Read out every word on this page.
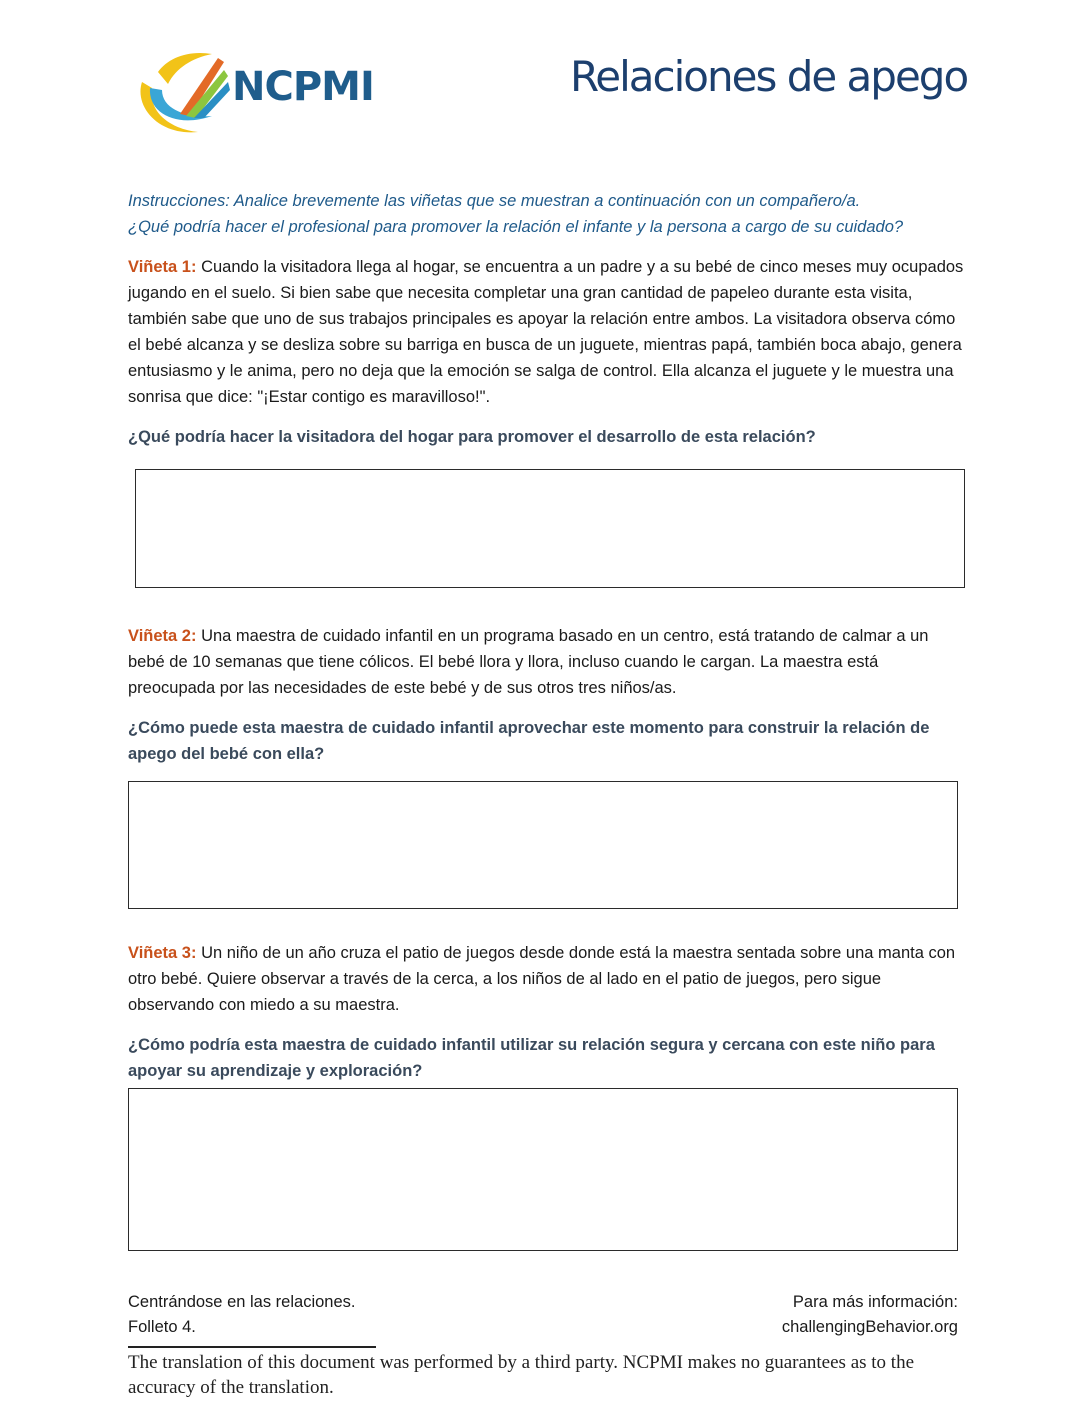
NCPMI	Relaciones de apego
Instrucciones: Analice brevemente las viñetas que se muestran a continuación con un compañero/a.
¿Qué podría hacer el profesional para promover la relación el infante y la persona a cargo de su cuidado?
Viñeta 1: Cuando la visitadora llega al hogar, se encuentra a un padre y a su bebé de cinco meses muy ocupados jugando en el suelo. Si bien sabe que necesita completar una gran cantidad de papeleo durante esta visita, también sabe que uno de sus trabajos principales es apoyar la relación entre ambos. La visitadora observa cómo el bebé alcanza y se desliza sobre su barriga en busca de un juguete, mientras papá, también boca abajo, genera entusiasmo y le anima, pero no deja que la emoción se salga de control. Ella alcanza el juguete y le muestra una sonrisa que dice: "¡Estar contigo es maravilloso!".
¿Qué podría hacer la visitadora del hogar para promover el desarrollo de esta relación?
Viñeta 2: Una maestra de cuidado infantil en un programa basado en un centro, está tratando de calmar a un bebé de 10 semanas que tiene cólicos. El bebé llora y llora, incluso cuando le cargan. La maestra está preocupada por las necesidades de este bebé y de sus otros tres niños/as.
¿Cómo puede esta maestra de cuidado infantil aprovechar este momento para construir la relación de apego del bebé con ella?
Viñeta 3: Un niño de un año cruza el patio de juegos desde donde está la maestra sentada sobre una manta con otro bebé. Quiere observar a través de la cerca, a los niños de al lado en el patio de juegos, pero sigue observando con miedo a su maestra.
¿Cómo podría esta maestra de cuidado infantil utilizar su relación segura y cercana con este niño para apoyar su aprendizaje y exploración?
Centrándose en las relaciones.
Folleto 4.
Para más información:
challengingBehavior.org
The translation of this document was performed by a third party. NCPMI makes no guarantees as to the accuracy of the translation.
